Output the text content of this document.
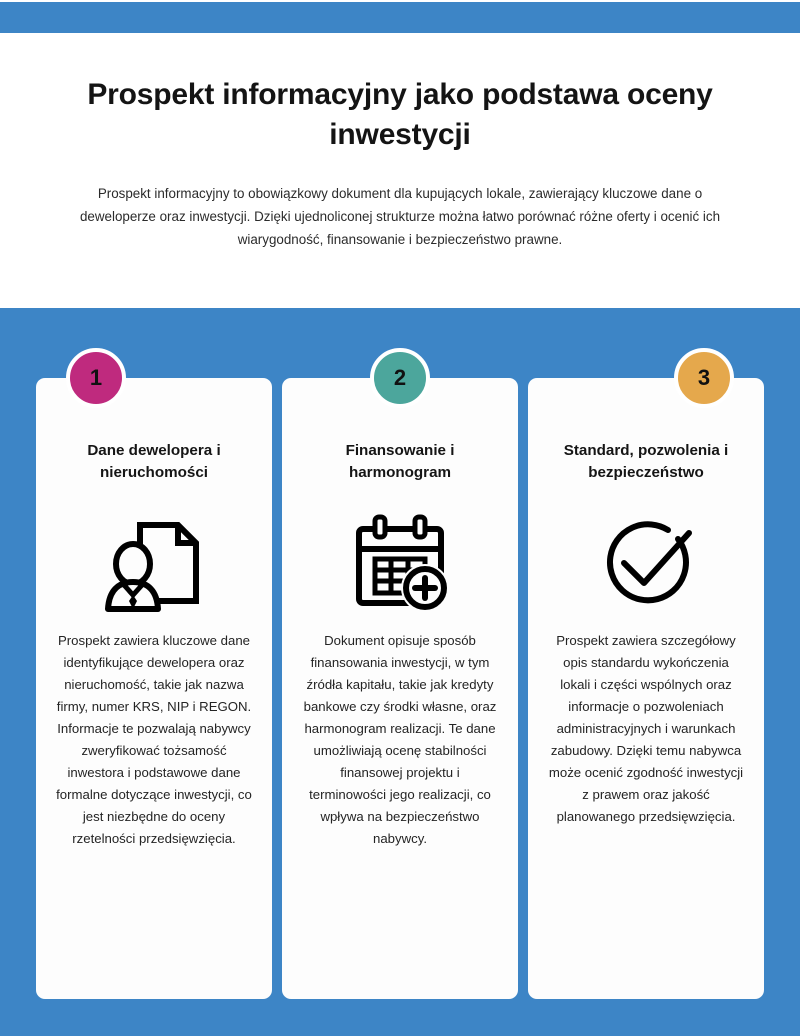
Prospekt informacyjny jako podstawa oceny inwestycji

Prospekt informacyjny to obowiązkowy dokument dla kupujących lokale, zawierający kluczowe dane o deweloperze oraz inwestycji. Dzięki ujednoliconej strukturze można łatwo porównać różne oferty i ocenić ich wiarygodność, finansowanie i bezpieczeństwo prawne.

1
Dane dewelopera i nieruchomości
Prospekt zawiera kluczowe dane identyfikujące dewelopera oraz nieruchomość, takie jak nazwa firmy, numer KRS, NIP i REGON. Informacje te pozwalają nabywcy zweryfikować tożsamość inwestora i podstawowe dane formalne dotyczące inwestycji, co jest niezbędne do oceny rzetelności przedsięwzięcia.
2
Finansowanie i harmonogram
Dokument opisuje sposób finansowania inwestycji, w tym źródła kapitału, takie jak kredyty bankowe czy środki własne, oraz harmonogram realizacji. Te dane umożliwiają ocenę stabilności finansowej projektu i terminowości jego realizacji, co wpływa na bezpieczeństwo nabywcy.
3
Standard, pozwolenia i bezpieczeństwo
Prospekt zawiera szczegółowy opis standardu wykończenia lokali i części wspólnych oraz informacje o pozwoleniach administracyjnych i warunkach zabudowy. Dzięki temu nabywca może ocenić zgodność inwestycji z prawem oraz jakość planowanego przedsięwzięcia.
